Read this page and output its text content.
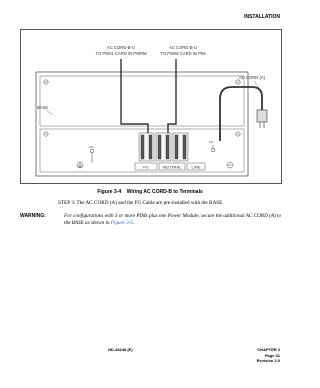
INSTALLATION
AC CORD-B-U
TO PW01 CARD IN PWRM
AC CORD-B-U
TO PW06 CARD IN PIM
AC CORD (A)
BASE
FG	NEUTRAL	LINE
FG
FG
Figure 3-4 Wiring AC CORD-B to Terminals
STEP 3: The AC CORD (A) and the FG Cable are pre-installed with the BASE.
WARNING:	For configurations with 3 or more PIMs plus one Power Module, secure the additional AC CORD (A) to the BASE as shown in Figure 3-5.
ND-46248 (E)	CHAPTER 3
Page 31
Revision 2.0
